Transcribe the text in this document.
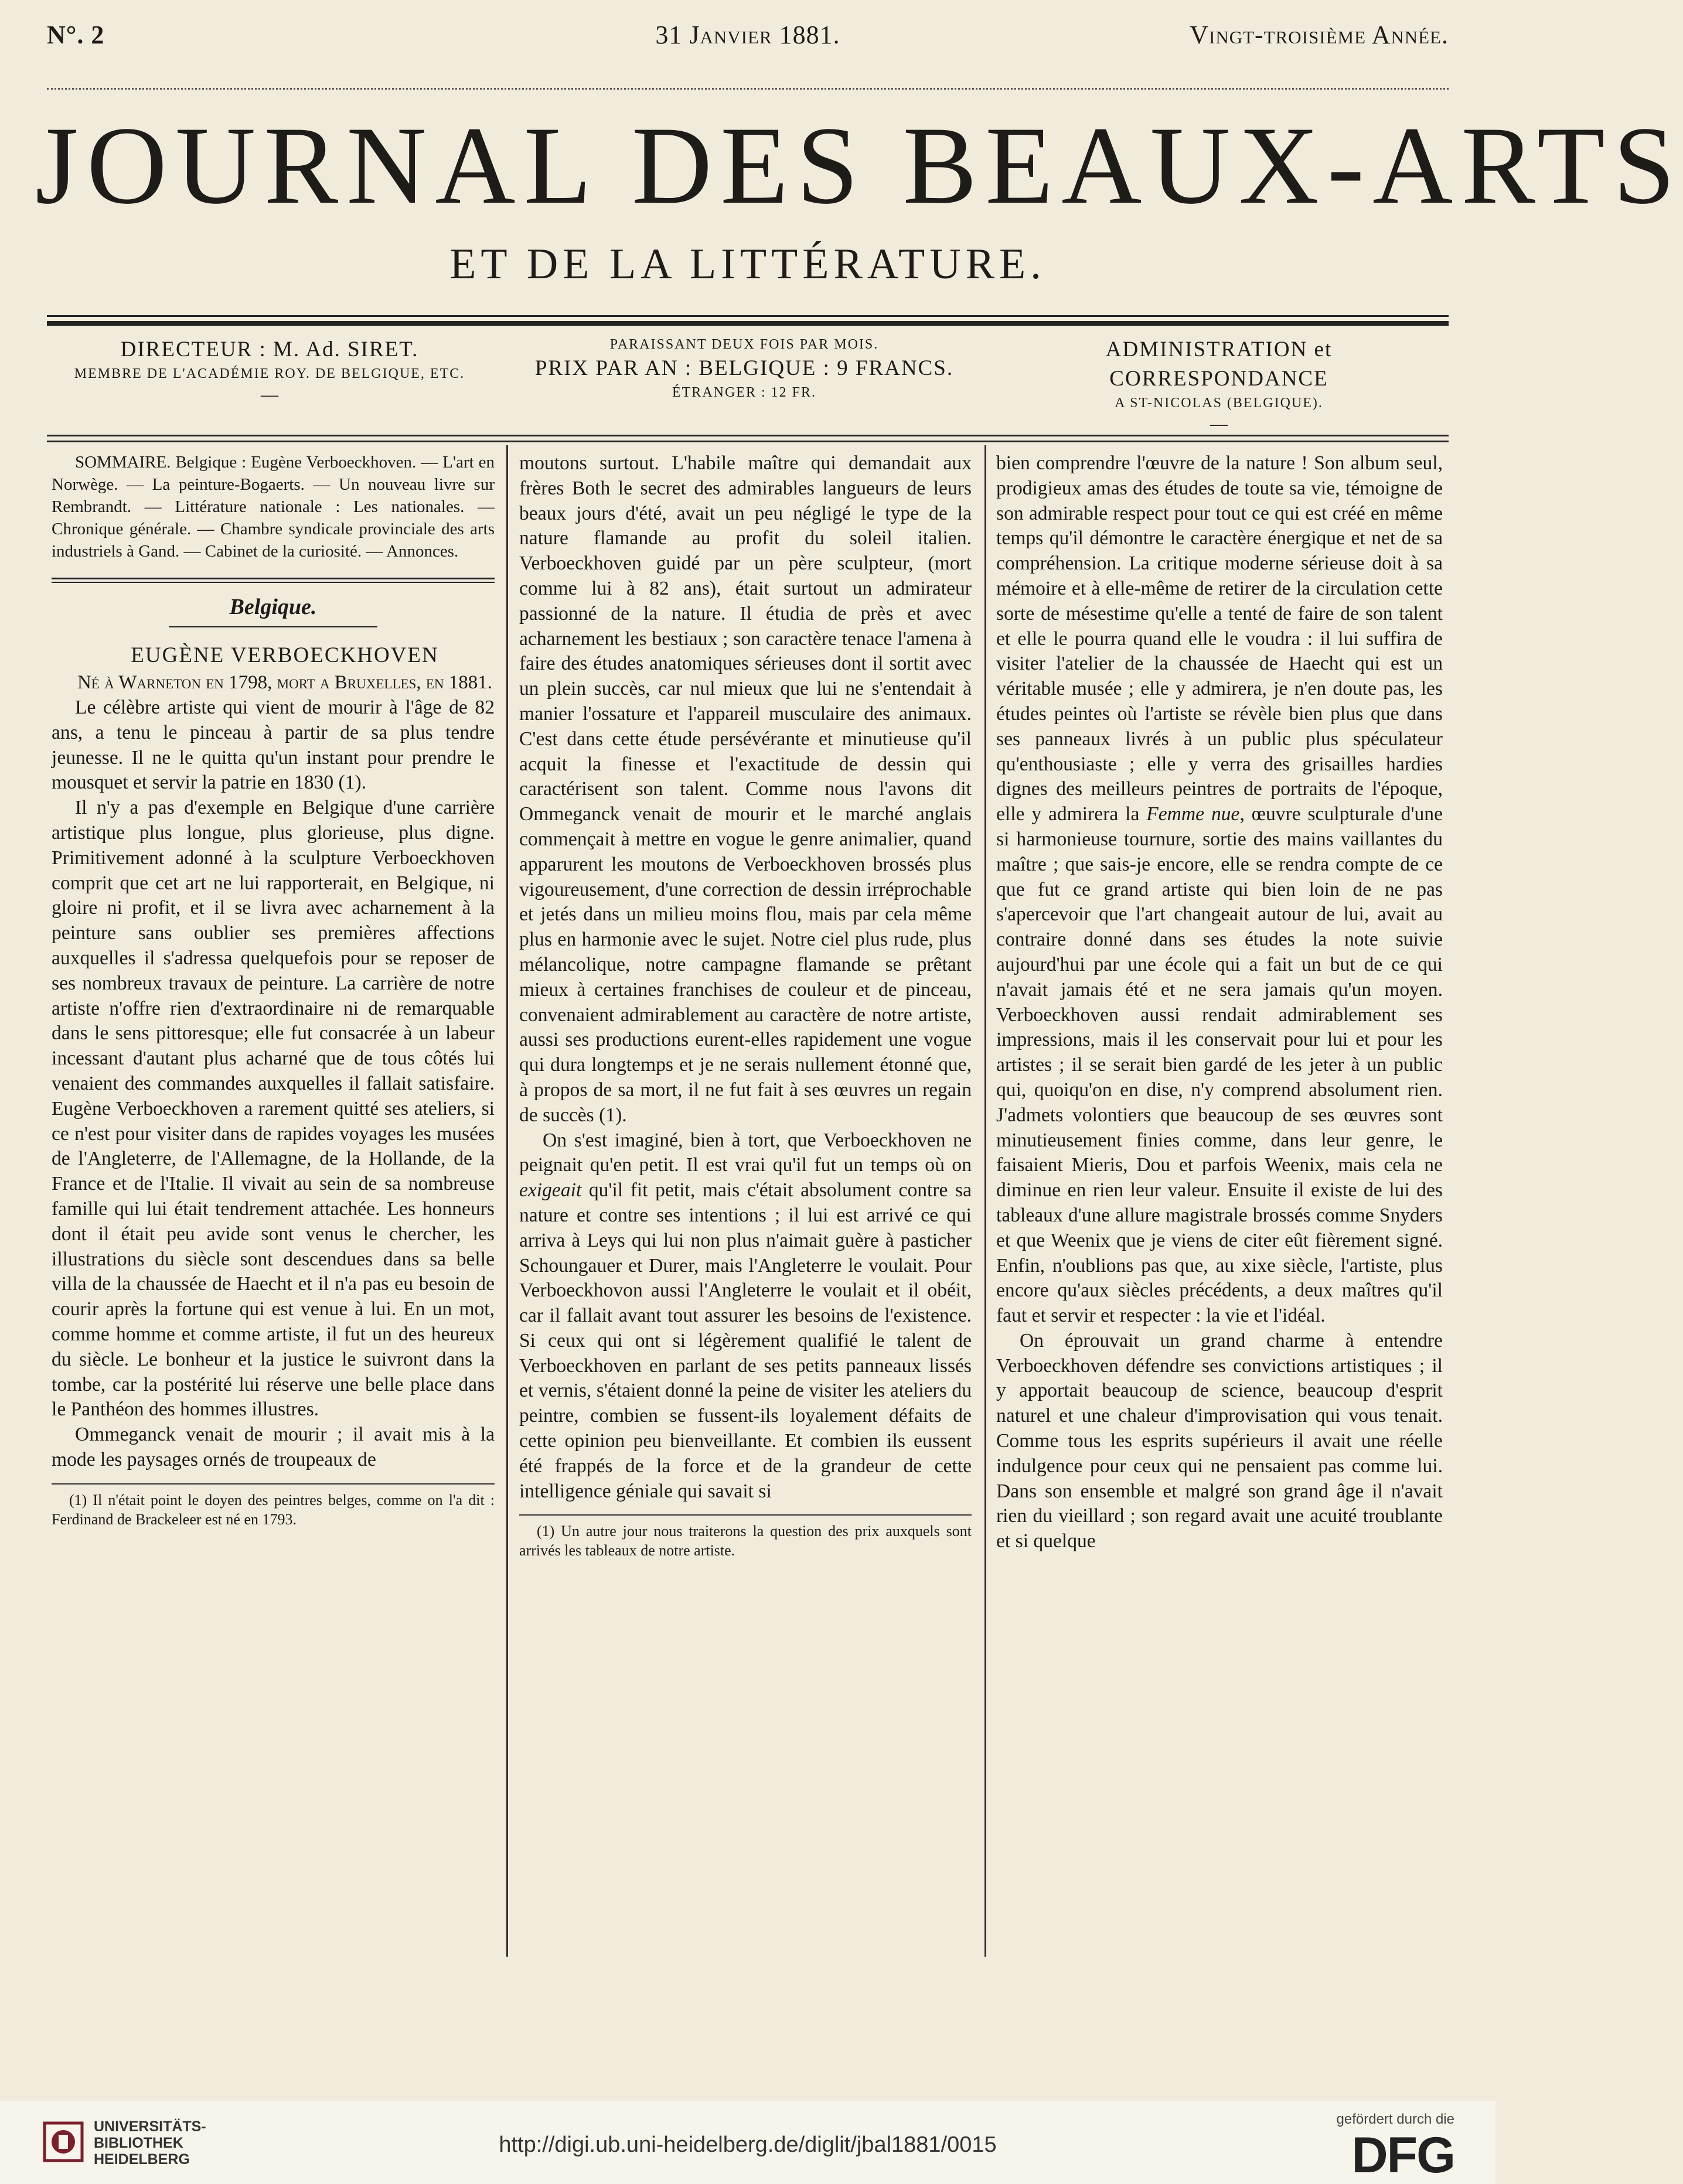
N°. 2	31 Janvier 1881.	Vingt-troisième Année.
JOURNAL DES BEAUX-ARTS
ET DE LA LITTÉRATURE.
DIRECTEUR : M. Ad. SIRET.
MEMBRE DE L'ACADÉMIE ROY. DE BELGIQUE, ETC.
—
PARAISSANT DEUX FOIS PAR MOIS.
PRIX PAR AN : BELGIQUE : 9 FRANCS.
ÉTRANGER : 12 FR.
ADMINISTRATION et CORRESPONDANCE
A ST-NICOLAS (BELGIQUE).
—

SOMMAIRE. Belgique : Eugène Verboeckhoven. — L'art en Norwège. — La peinture-Bogaerts. — Un nouveau livre sur Rembrandt. — Littérature nationale : Les nationales. — Chronique générale. — Chambre syndicale provinciale des arts industriels à Gand. — Cabinet de la curiosité. — Annonces.

Belgique.

EUGÈNE VERBOECKHOVEN

Né à Warneton en 1798, mort a Bruxelles, en 1881.

Le célèbre artiste qui vient de mourir à l'âge de 82 ans, a tenu le pinceau à partir de sa plus tendre jeunesse. Il ne le quitta qu'un instant pour prendre le mousquet et servir la patrie en 1830 (1).

Il n'y a pas d'exemple en Belgique d'une carrière artistique plus longue, plus glorieuse, plus digne. Primitivement adonné à la sculpture Verboeckhoven comprit que cet art ne lui rapporterait, en Belgique, ni gloire ni profit, et il se livra avec acharnement à la peinture sans oublier ses premières affections auxquelles il s'adressa quelquefois pour se reposer de ses nombreux travaux de peinture. La carrière de notre artiste n'offre rien d'extraordinaire ni de remarquable dans le sens pittoresque; elle fut consacrée à un labeur incessant d'autant plus acharné que de tous côtés lui venaient des commandes auxquelles il fallait satisfaire. Eugène Verboeckhoven a rarement quitté ses ateliers, si ce n'est pour visiter dans de rapides voyages les musées de l'Angleterre, de l'Allemagne, de la Hollande, de la France et de l'Italie. Il vivait au sein de sa nombreuse famille qui lui était tendrement attachée. Les honneurs dont il était peu avide sont venus le chercher, les illustrations du siècle sont descendues dans sa belle villa de la chaussée de Haecht et il n'a pas eu besoin de courir après la fortune qui est venue à lui. En un mot, comme homme et comme artiste, il fut un des heureux du siècle. Le bonheur et la justice le suivront dans la tombe, car la postérité lui réserve une belle place dans le Panthéon des hommes illustres.

Ommeganck venait de mourir ; il avait mis à la mode les paysages ornés de troupeaux de

(1) Il n'était point le doyen des peintres belges, comme on l'a dit : Ferdinand de Brackeleer est né en 1793.

moutons surtout. L'habile maître qui demandait aux frères Both le secret des admirables langueurs de leurs beaux jours d'été, avait un peu négligé le type de la nature flamande au profit du soleil italien. Verboeckhoven guidé par un père sculpteur, (mort comme lui à 82 ans), était surtout un admirateur passionné de la nature. Il étudia de près et avec acharnement les bestiaux ; son caractère tenace l'amena à faire des études anatomiques sérieuses dont il sortit avec un plein succès, car nul mieux que lui ne s'entendait à manier l'ossature et l'appareil musculaire des animaux. C'est dans cette étude persévérante et minutieuse qu'il acquit la finesse et l'exactitude de dessin qui caractérisent son talent. Comme nous l'avons dit Ommeganck venait de mourir et le marché anglais commençait à mettre en vogue le genre animalier, quand apparurent les moutons de Verboeckhoven brossés plus vigoureusement, d'une correction de dessin irréprochable et jetés dans un milieu moins flou, mais par cela même plus en harmonie avec le sujet. Notre ciel plus rude, plus mélancolique, notre campagne flamande se prêtant mieux à certaines franchises de couleur et de pinceau, convenaient admirablement au caractère de notre artiste, aussi ses productions eurent-elles rapidement une vogue qui dura longtemps et je ne serais nullement étonné que, à propos de sa mort, il ne fut fait à ses œuvres un regain de succès (1).

On s'est imaginé, bien à tort, que Verboeckhoven ne peignait qu'en petit. Il est vrai qu'il fut un temps où on exigeait qu'il fit petit, mais c'était absolument contre sa nature et contre ses intentions ; il lui est arrivé ce qui arriva à Leys qui lui non plus n'aimait guère à pasticher Schoungauer et Durer, mais l'Angleterre le voulait. Pour Verboeckhovon aussi l'Angleterre le voulait et il obéit, car il fallait avant tout assurer les besoins de l'existence. Si ceux qui ont si légèrement qualifié le talent de Verboeckhoven en parlant de ses petits panneaux lissés et vernis, s'étaient donné la peine de visiter les ateliers du peintre, combien se fussent-ils loyalement défaits de cette opinion peu bienveillante. Et combien ils eussent été frappés de la force et de la grandeur de cette intelligence géniale qui savait si

(1) Un autre jour nous traiterons la question des prix auxquels sont arrivés les tableaux de notre artiste.

bien comprendre l'œuvre de la nature ! Son album seul, prodigieux amas des études de toute sa vie, témoigne de son admirable respect pour tout ce qui est créé en même temps qu'il démontre le caractère énergique et net de sa compréhension. La critique moderne sérieuse doit à sa mémoire et à elle-même de retirer de la circulation cette sorte de mésestime qu'elle a tenté de faire de son talent et elle le pourra quand elle le voudra : il lui suffira de visiter l'atelier de la chaussée de Haecht qui est un véritable musée ; elle y admirera, je n'en doute pas, les études peintes où l'artiste se révèle bien plus que dans ses panneaux livrés à un public plus spéculateur qu'enthousiaste ; elle y verra des grisailles hardies dignes des meilleurs peintres de portraits de l'époque, elle y admirera la Femme nue, œuvre sculpturale d'une si harmonieuse tournure, sortie des mains vaillantes du maître ; que sais-je encore, elle se rendra compte de ce que fut ce grand artiste qui bien loin de ne pas s'apercevoir que l'art changeait autour de lui, avait au contraire donné dans ses études la note suivie aujourd'hui par une école qui a fait un but de ce qui n'avait jamais été et ne sera jamais qu'un moyen. Verboeckhoven aussi rendait admirablement ses impressions, mais il les conservait pour lui et pour les artistes ; il se serait bien gardé de les jeter à un public qui, quoiqu'on en dise, n'y comprend absolument rien. J'admets volontiers que beaucoup de ses œuvres sont minutieusement finies comme, dans leur genre, le faisaient Mieris, Dou et parfois Weenix, mais cela ne diminue en rien leur valeur. Ensuite il existe de lui des tableaux d'une allure magistrale brossés comme Snyders et que Weenix que je viens de citer eût fièrement signé. Enfin, n'oublions pas que, au xixe siècle, l'artiste, plus encore qu'aux siècles précédents, a deux maîtres qu'il faut et servir et respecter : la vie et l'idéal.

On éprouvait un grand charme à entendre Verboeckhoven défendre ses convictions artistiques ; il y apportait beaucoup de science, beaucoup d'esprit naturel et une chaleur d'improvisation qui vous tenait. Comme tous les esprits supérieurs il avait une réelle indulgence pour ceux qui ne pensaient pas comme lui. Dans son ensemble et malgré son grand âge il n'avait rien du vieillard ; son regard avait une acuité troublante et si quelque

UNIVERSITÄTS-
BIBLIOTHEK
HEIDELBERG
http://digi.ub.uni-heidelberg.de/diglit/jbal1881/0015
gefördert durch die
DFG
